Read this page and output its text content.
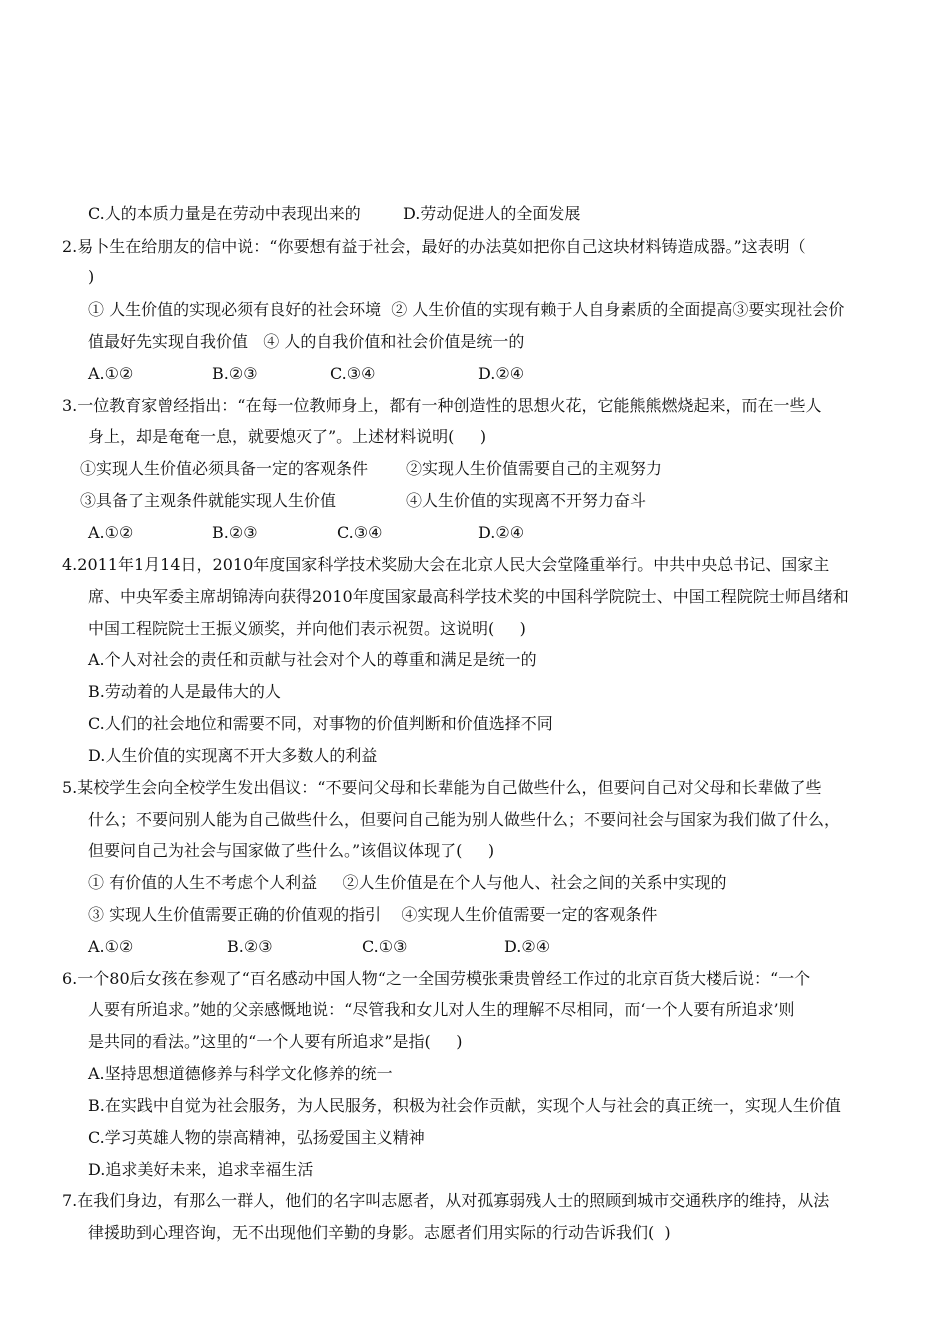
C.人的本质力量是在劳动中表现出来的	D.劳动促进人的全面发展
2.易卜生在给朋友的信中说：“你要想有益于社会，最好的办法莫如把你自己这块材料铸造成器。”这表明（
)
① 人生价值的实现必须有良好的社会环境  ② 人生价值的实现有赖于人自身素质的全面提高③要实现社会价
值最好先实现自我价值   ④ 人的自我价值和社会价值是统一的
A.①②	B.②③	C.③④	D.②④
3.一位教育家曾经指出：“在每一位教师身上，都有一种创造性的思想火花，它能熊熊燃烧起来，而在一些人
身上，却是奄奄一息，就要熄灭了”。上述材料说明(     )
①实现人生价值必须具备一定的客观条件 ②实现人生价值需要自己的主观努力
③具备了主观条件就能实现人生价值	④人生价值的实现离不开努力奋斗
A.①②	B.②③	C.③④	D.②④
4.2011年1月14日，2010年度国家科学技术奖励大会在北京人民大会堂隆重举行。中共中央总书记、国家主
席、中央军委主席胡锦涛向获得2010年度国家最高科学技术奖的中国科学院院士、中国工程院院士师昌绪和
中国工程院院士王振义颁奖，并向他们表示祝贺。这说明(     )
A.个人对社会的责任和贡献与社会对个人的尊重和满足是统一的
B.劳动着的人是最伟大的人
C.人们的社会地位和需要不同，对事物的价值判断和价值选择不同
D.人生价值的实现离不开大多数人的利益
5.某校学生会向全校学生发出倡议：“不要问父母和长辈能为自己做些什么，但要问自己对父母和长辈做了些
什么；不要问别人能为自己做些什么，但要问自己能为别人做些什么；不要问社会与国家为我们做了什么，
但要问自己为社会与国家做了些什么。”该倡议体现了(     )
① 有价值的人生不考虑个人利益     ②人生价值是在个人与他人、社会之间的关系中实现的
③ 实现人生价值需要正确的价值观的指引    ④实现人生价值需要一定的客观条件
A.①②	B.②③	C.①③	D.②④
6.一个80后女孩在参观了“百名感动中国人物“之一全国劳模张秉贵曾经工作过的北京百货大楼后说：“一个
人要有所追求。”她的父亲感慨地说：“尽管我和女儿对人生的理解不尽相同，而‘一个人要有所追求’则
是共同的看法。”这里的“一个人要有所追求”是指(     )
A.坚持思想道德修养与科学文化修养的统一
B.在实践中自觉为社会服务，为人民服务，积极为社会作贡献，实现个人与社会的真正统一，实现人生价值
C.学习英雄人物的崇高精神，弘扬爱国主义精神
D.追求美好未来，追求幸福生活
7.在我们身边，有那么一群人，他们的名字叫志愿者，从对孤寡弱残人士的照顾到城市交通秩序的维持，从法
律援助到心理咨询，无不出现他们辛勤的身影。志愿者们用实际的行动告诉我们(  )
